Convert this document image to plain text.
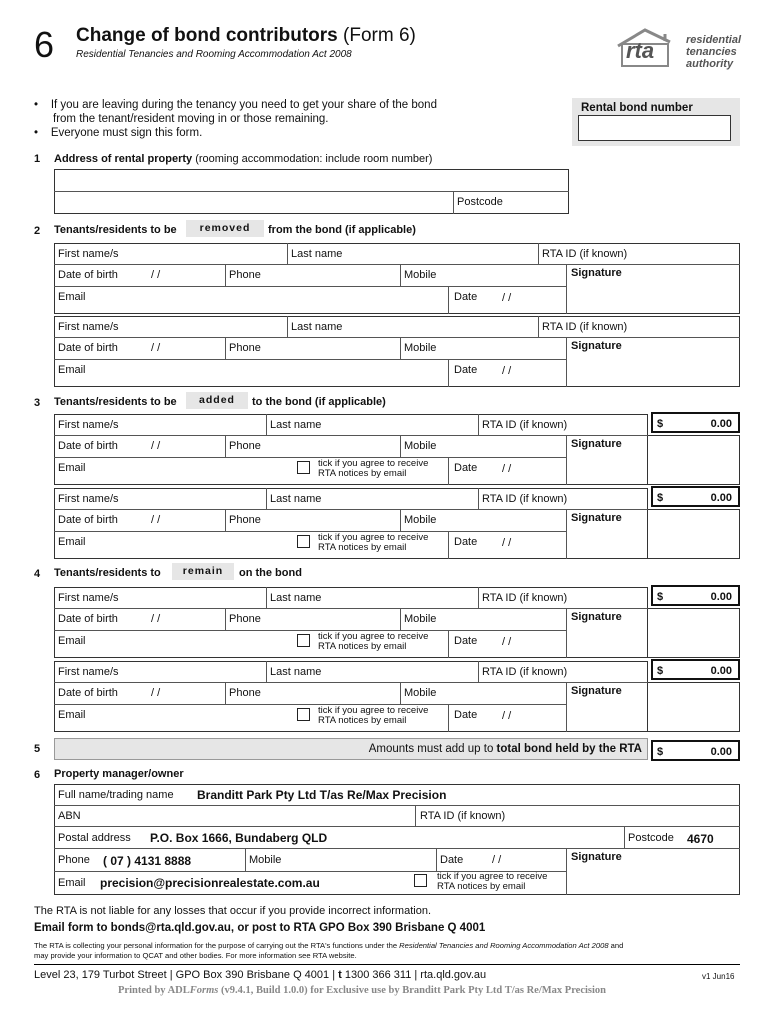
6 Change of bond contributors (Form 6)
Residential Tenancies and Rooming Accommodation Act 2008	rta	residential
tenancies
authority
•    If you are leaving during the tenancy you need to get your share of the bond
from the tenant/resident moving in or those remaining.
•    Everyone must sign this form.
Rental bond number
1 Address of rental property (rooming accommodation: include room number)
Postcode
2 Tenants/residents to be	removed	from the bond (if applicable)
First name/s	Last name	RTA ID (if known)
Date of birth	/ /	Phone	Mobile	Signature
Email	Date / /
First name/s	Last name	RTA ID (if known)
Date of birth	/ /	Phone	Mobile	Signature
Email	Date / /
3 Tenants/residents to be	added	to the bond (if applicable)
First name/s	Last name	RTA ID (if known)
Date of birth	/ /	Phone	Mobile	Signature
Email	Date / /
tick if you agree to receive
RTA notices by email
$	0.00
First name/s	Last name	RTA ID (if known)
Date of birth	/ /	Phone	Mobile	Signature
Email	Date / /
tick if you agree to receive
RTA notices by email
$	0.00
4 Tenants/residents to	remain	on the bond
First name/s	Last name	RTA ID (if known)
Date of birth	/ /	Phone	Mobile	Signature
Email	Date / /
tick if you agree to receive
RTA notices by email
$	0.00
First name/s	Last name	RTA ID (if known)
Date of birth	/ /	Phone	Mobile	Signature
Email	Date / /
tick if you agree to receive
RTA notices by email
$	0.00
5	Amounts must add up to total bond held by the RTA $	0.00
6 Property manager/owner
Full name/trading name Branditt Park Pty Ltd T/as Re/Max Precision
ABN	RTA ID (if known)
Postal address P.O. Box 1666, Bundaberg QLD	Postcode 4670
Phone ( 07 ) 4131 8888	Mobile	Date	/ /	Signature
Email precision@precisionrealestate.com.au	tick if you agree to receive
RTA notices by email
The RTA is not liable for any losses that occur if you provide incorrect information.
Email form to bonds@rta.qld.gov.au, or post to RTA GPO Box 390 Brisbane Q 4001
The RTA is collecting your personal information for the purpose of carrying out the RTA's functions under the Residential Tenancies and Rooming Accommodation Act 2008 and
may provide your information to QCAT and other bodies. For more information see RTA website.
Level 23, 179 Turbot Street | GPO Box 390 Brisbane Q 4001 | t 1300 366 311 | rta.qld.gov.au	v1 Jun16
Printed by ADLForms (v9.4.1, Build 1.0.0) for Exclusive use by Branditt Park Pty Ltd T/as Re/Max Precision
